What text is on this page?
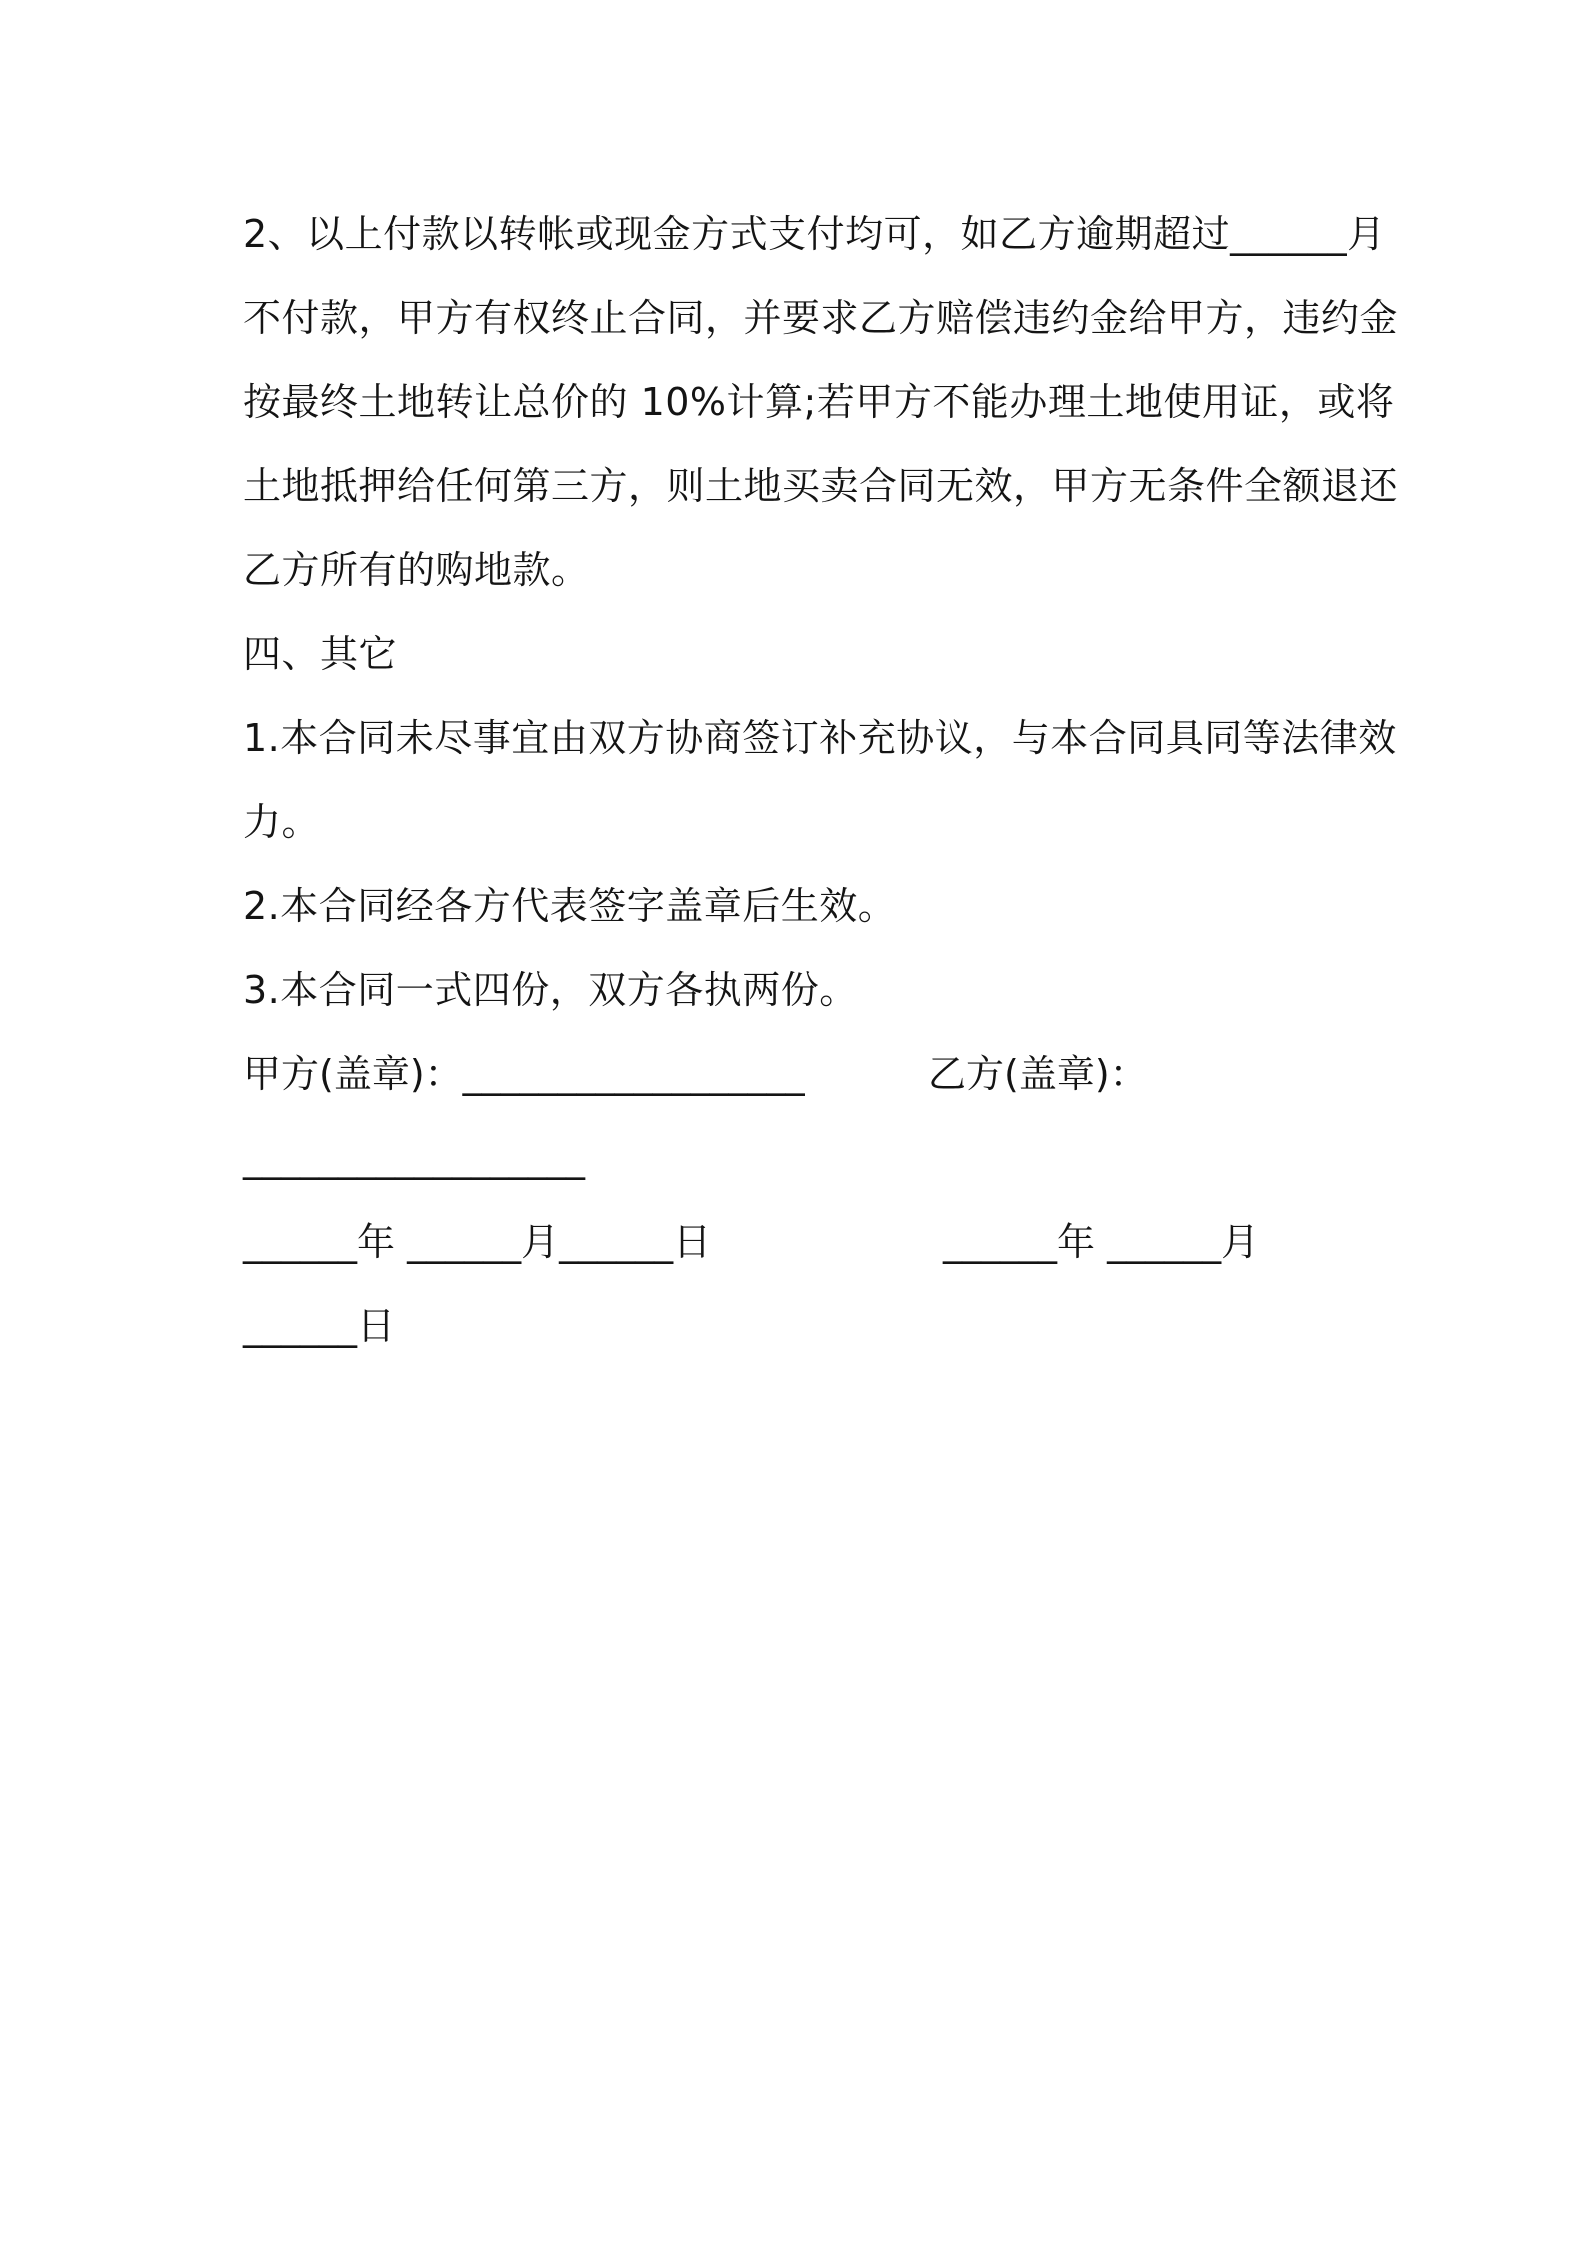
2、以上付款以转帐或现金方式支付均可，如乙方逾期超过______月
不付款，甲方有权终止合同，并要求乙方赔偿违约金给甲方，违约金
按最终土地转让总价的 10%计算;若甲方不能办理土地使用证，或将
土地抵押给任何第三方，则土地买卖合同无效，甲方无条件全额退还
乙方所有的购地款。
四、其它
1.本合同未尽事宜由双方协商签订补充协议，与本合同具同等法律效
力。
2.本合同经各方代表签字盖章后生效。
3.本合同一式四份，双方各执两份。

甲方(盖章)：__________________

	乙方(盖章)：

__________________

______年 ______月______日

	______年 ______月

______日
